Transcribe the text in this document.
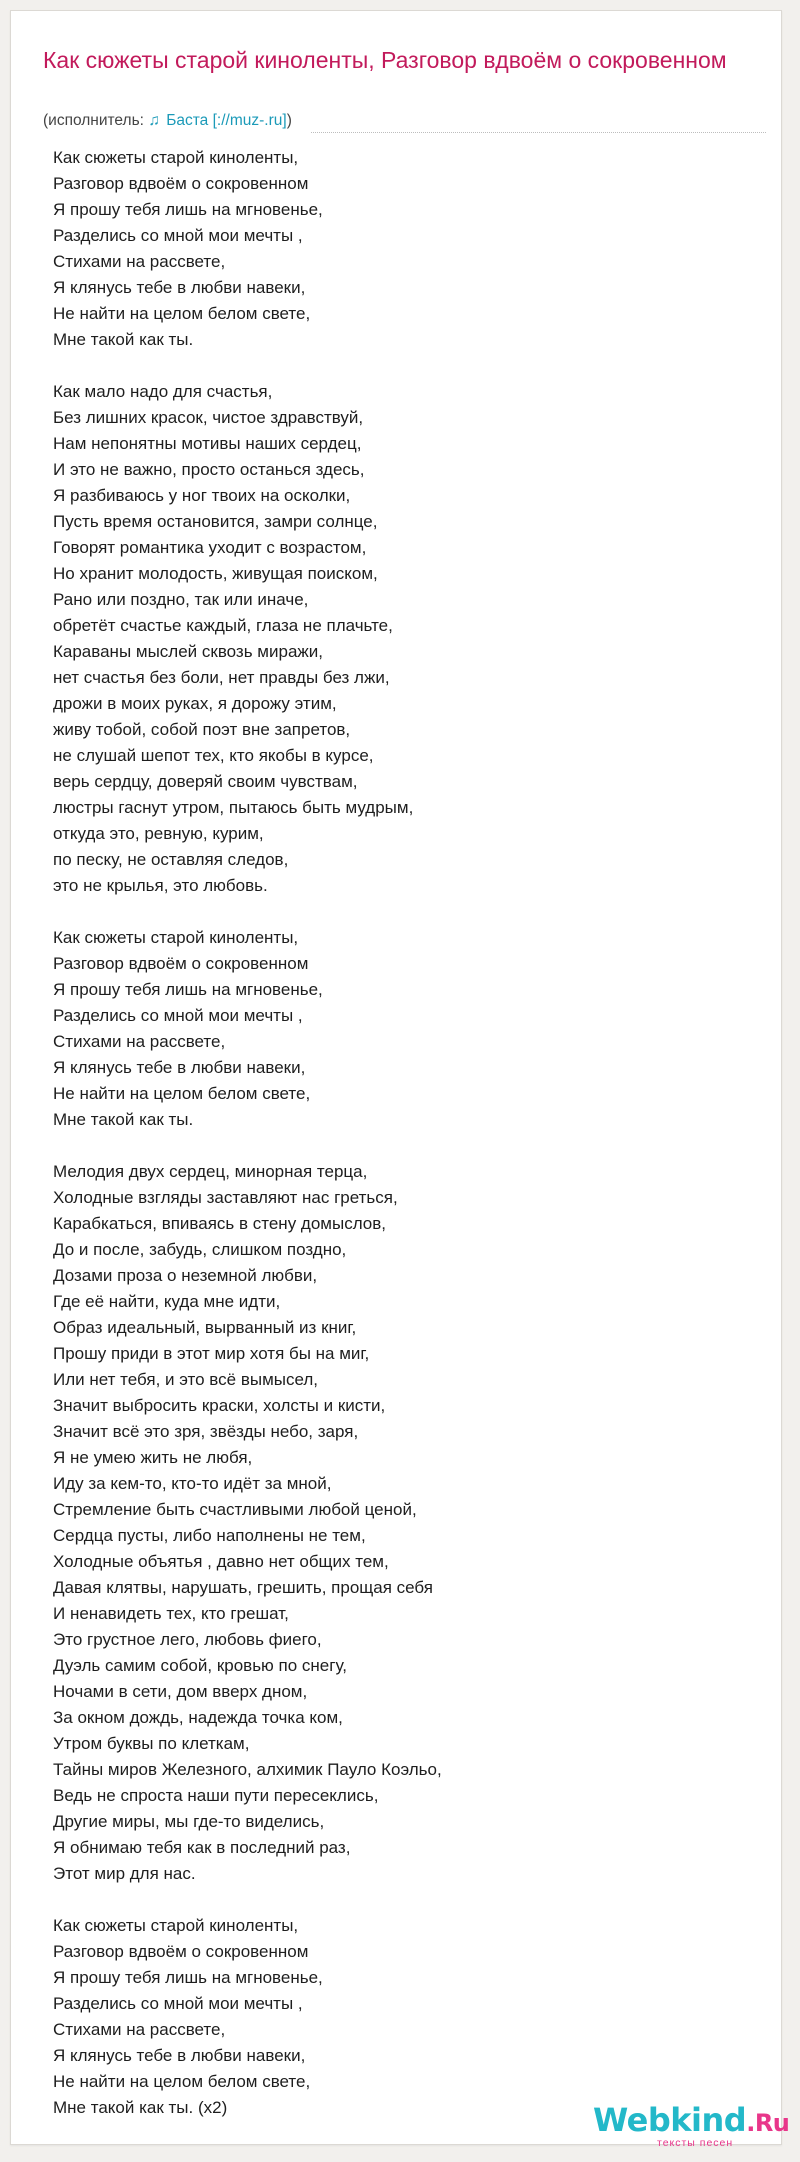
Как сюжеты старой киноленты, Разговор вдвоём о сокровенном
(исполнитель: ♫ Баста [://muz-.ru])
Как сюжеты старой киноленты,
Разговор вдвоём о сокровенном
Я прошу тебя лишь на мгновенье,
Разделись со мной мои мечты ,
Стихами на рассвете,
Я клянусь тебе в любви навеки,
Не найти на целом белом свете,
Мне такой как ты.
Как мало надо для счастья,
Без лишних красок, чистое здравствуй,
Нам непонятны мотивы наших сердец,
И это не важно, просто останься здесь,
Я разбиваюсь у ног твоих на осколки,
Пусть время остановится, замри солнце,
Говорят романтика уходит с возрастом,
Но хранит молодость, живущая поиском,
Рано или поздно, так или иначе,
обретёт счастье каждый, глаза не плачьте,
Караваны мыслей сквозь миражи,
нет счастья без боли, нет правды без лжи,
дрожи в моих руках, я дорожу этим,
живу тобой, собой поэт вне запретов,
не слушай шепот тех, кто якобы в курсе,
верь сердцу, доверяй своим чувствам,
люстры гаснут утром, пытаюсь быть мудрым,
откуда это, ревную, курим,
по песку, не оставляя следов,
это не крылья, это любовь.
Как сюжеты старой киноленты,
Разговор вдвоём о сокровенном
Я прошу тебя лишь на мгновенье,
Разделись со мной мои мечты ,
Стихами на рассвете,
Я клянусь тебе в любви навеки,
Не найти на целом белом свете,
Мне такой как ты.
Мелодия двух сердец, минорная терца,
Холодные взгляды заставляют нас греться,
Карабкаться, впиваясь в стену домыслов,
До и после, забудь, слишком поздно,
Дозами проза о неземной любви,
Где её найти, куда мне идти,
Образ идеальный, вырванный из книг,
Прошу приди в этот мир хотя бы на миг,
Или нет тебя, и это всё вымысел,
Значит выбросить краски, холсты и кисти,
Значит всё это зря, звёзды небо, заря,
Я не умею жить не любя,
Иду за кем-то, кто-то идёт за мной,
Стремление быть счастливыми любой ценой,
Сердца пусты, либо наполнены не тем,
Холодные объятья , давно нет общих тем,
Давая клятвы, нарушать, грешить, прощая себя
И ненавидеть тех, кто грешат,
Это грустное лего, любовь фиего,
Дуэль самим собой, кровью по снегу,
Ночами в сети, дом вверх дном,
За окном дождь, надежда точка ком,
Утром буквы по клеткам,
Тайны миров Железного, алхимик Пауло Коэльо,
Ведь не спроста наши пути пересеклись,
Другие миры, мы где-то виделись,
Я обнимаю тебя как в последний раз,
Этот мир для нас.
Как сюжеты старой киноленты,
Разговор вдвоём о сокровенном
Я прошу тебя лишь на мгновенье,
Разделись со мной мои мечты ,
Стихами на рассвете,
Я клянусь тебе в любви навеки,
Не найти на целом белом свете,
Мне такой как ты. (x2)	Webkind.Ru
тексты песен
